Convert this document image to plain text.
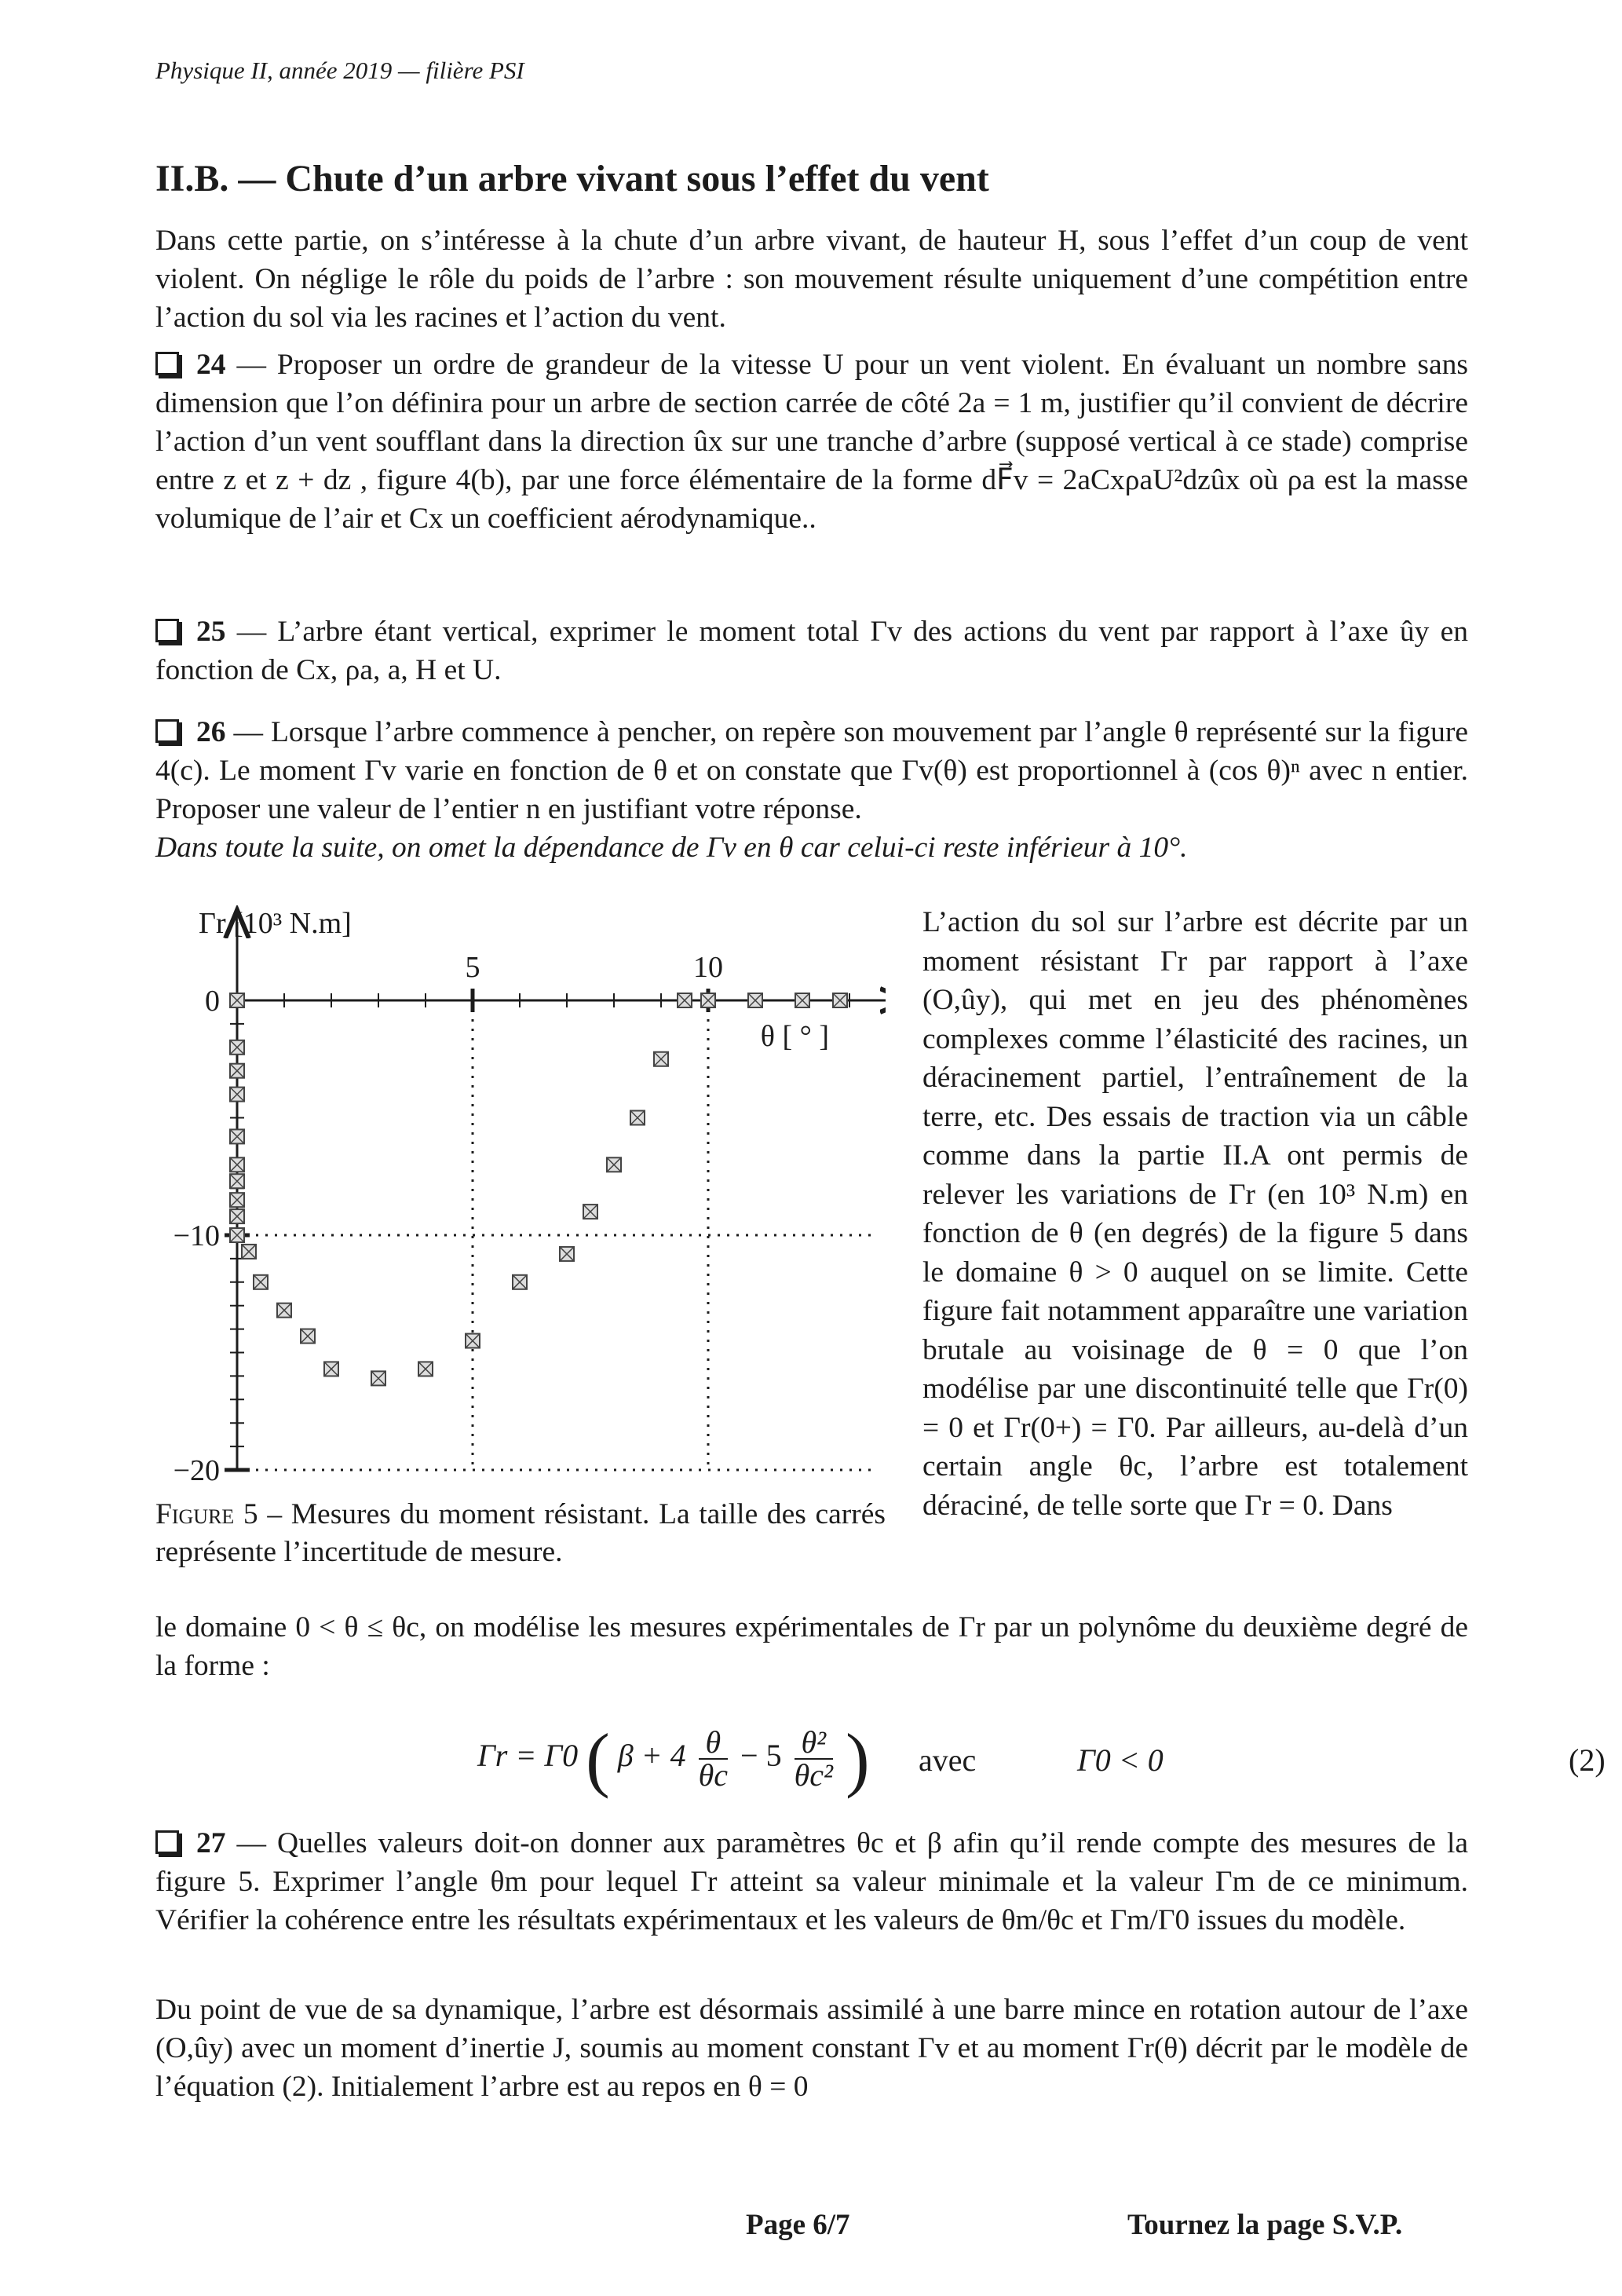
Physique II, année 2019 — filière PSI
II.B. — Chute d’un arbre vivant sous l’effet du vent
Dans cette partie, on s’intéresse à la chute d’un arbre vivant, de hauteur H, sous l’effet d’un coup de vent violent. On néglige le rôle du poids de l’arbre : son mouvement résulte uniquement d’une compétition entre l’action du sol via les racines et l’action du vent.
24 — Proposer un ordre de grandeur de la vitesse U pour un vent violent. En évaluant un nombre sans dimension que l’on définira pour un arbre de section carrée de côté 2a = 1 m, justifier qu’il convient de décrire l’action d’un vent soufflant dans la direction ûx sur une tranche d’arbre (supposé vertical à ce stade) comprise entre z et z + dz , figure 4(b), par une force élémentaire de la forme dF⃗v = 2aCxρaU²dzûx où ρa est la masse volumique de l’air et Cx un coefficient aérodynamique..
25 — L’arbre étant vertical, exprimer le moment total Γv des actions du vent par rapport à l’axe ûy en fonction de Cx, ρa, a, H et U.
26 — Lorsque l’arbre commence à pencher, on repère son mouvement par l’angle θ représenté sur la figure 4(c). Le moment Γv varie en fonction de θ et on constate que Γv(θ) est proportionnel à (cos θ)ⁿ avec n entier. Proposer une valeur de l’entier n en justifiant votre réponse.
Dans toute la suite, on omet la dépendance de Γv en θ car celui-ci reste inférieur à 10°.
Γr [10³ N.m]
θ [ ° ]
5	10
0
−10
−20
Figure 5 – Mesures du moment résistant. La taille des carrés représente l’incertitude de mesure.
L’action du sol sur l’arbre est décrite par un moment résistant Γr par rapport à l’axe (O,ûy), qui met en jeu des phénomènes complexes comme l’élasticité des racines, un déracinement partiel, l’entraînement de la terre, etc. Des essais de traction via un câble comme dans la partie II.A ont permis de relever les variations de Γr (en 10³ N.m) en fonction de θ (en degrés) de la figure 5 dans le domaine θ > 0 auquel on se limite. Cette figure fait notamment apparaître une variation brutale au voisinage de θ = 0 que l’on modélise par une discontinuité telle que Γr(0) = 0 et Γr(0+) = Γ0. Par ailleurs, au-delà d’un certain angle θc, l’arbre est totalement déraciné, de telle sorte que Γr = 0. Dans
le domaine 0 < θ ≤ θc, on modélise les mesures expérimentales de Γr par un polynôme du deuxième degré de la forme :
Γr = Γ0 ( $\beta + 4 \frac{\theta}{\theta c} - 5 \frac{\text{θ²}}{\text{θc²}}$ ) avec	Γ0 < 0	(2)
27 — Quelles valeurs doit-on donner aux paramètres θc et β afin qu’il rende compte des mesures de la figure 5. Exprimer l’angle θm pour lequel Γr atteint sa valeur minimale et la valeur Γm de ce minimum. Vérifier la cohérence entre les résultats expérimentaux et les valeurs de θm/θc et Γm/Γ0 issues du modèle.
Du point de vue de sa dynamique, l’arbre est désormais assimilé à une barre mince en rotation autour de l’axe (O,ûy) avec un moment d’inertie J, soumis au moment constant Γv et au moment Γr(θ) décrit par le modèle de l’équation (2). Initialement l’arbre est au repos en θ = 0
Page 6/7	Tournez la page S.V.P.
